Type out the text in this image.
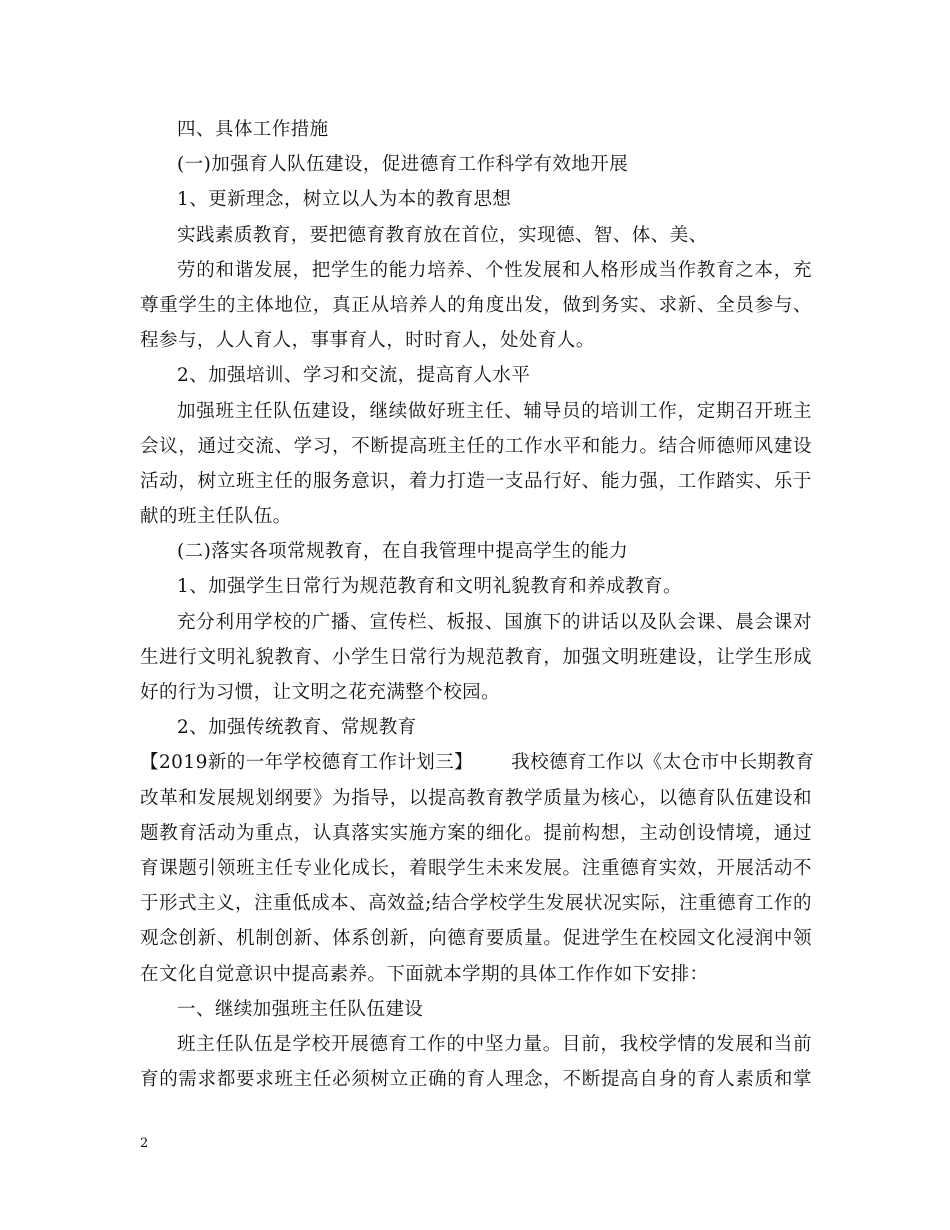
四、具体工作措施
(一)加强育人队伍建设，促进德育工作科学有效地开展
1、更新理念，树立以人为本的教育思想
实践素质教育，要把德育教育放在首位，实现德、智、体、美、
劳的和谐发展，把学生的能力培养、个性发展和人格形成当作教育之本，充
尊重学生的主体地位，真正从培养人的角度出发，做到务实、求新、全员参与、
程参与，人人育人，事事育人，时时育人，处处育人。
2、加强培训、学习和交流，提高育人水平
加强班主任队伍建设，继续做好班主任、辅导员的培训工作，定期召开班主
会议，通过交流、学习，不断提高班主任的工作水平和能力。结合师德师风建设
活动，树立班主任的服务意识，着力打造一支品行好、能力强，工作踏实、乐于
献的班主任队伍。
(二)落实各项常规教育，在自我管理中提高学生的能力
1、加强学生日常行为规范教育和文明礼貌教育和养成教育。
充分利用学校的广播、宣传栏、板报、国旗下的讲话以及队会课、晨会课对
生进行文明礼貌教育、小学生日常行为规范教育，加强文明班建设，让学生形成
好的行为习惯，让文明之花充满整个校园。
2、加强传统教育、常规教育
【2019新的一年学校德育工作计划三】 我校德育工作以《太仓市中长期教育
改革和发展规划纲要》为指导，以提高教育教学质量为核心，以德育队伍建设和
题教育活动为重点，认真落实实施方案的细化。提前构想，主动创设情境，通过
育课题引领班主任专业化成长，着眼学生未来发展。注重德育实效，开展活动不
于形式主义，注重低成本、高效益;结合学校学生发展状况实际，注重德育工作的
观念创新、机制创新、体系创新，向德育要质量。促进学生在校园文化浸润中领
在文化自觉意识中提高素养。下面就本学期的具体工作作如下安排：
一、继续加强班主任队伍建设
班主任队伍是学校开展德育工作的中坚力量。目前，我校学情的发展和当前
育的需求都要求班主任必须树立正确的育人理念，不断提高自身的育人素质和掌
2
